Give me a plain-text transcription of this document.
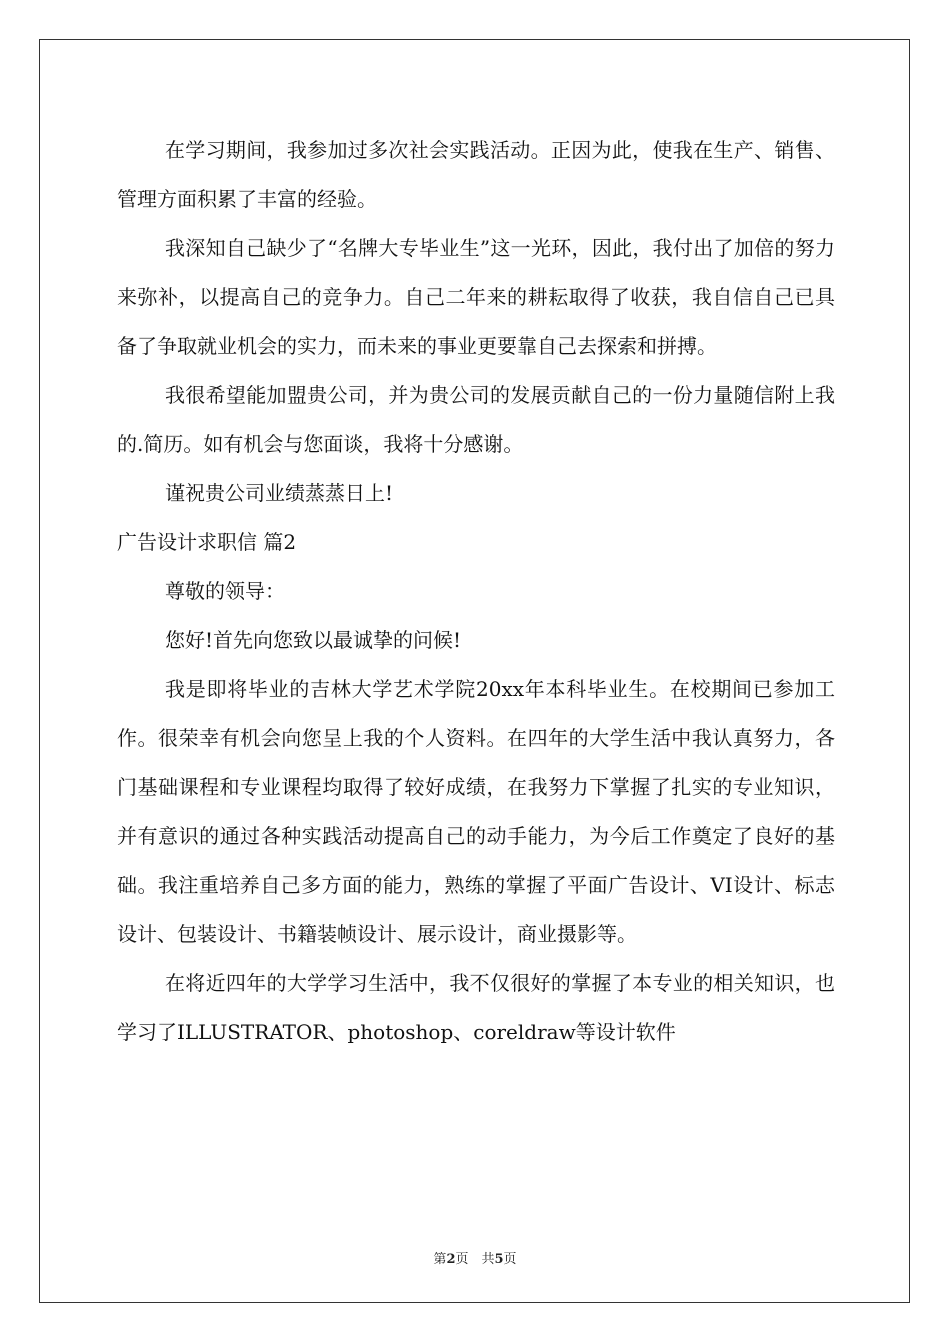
在学习期间，我参加过多次社会实践活动。正因为此，使我在生产、销售、管理方面积累了丰富的经验。

我深知自己缺少了“名牌大专毕业生”这一光环，因此，我付出了加倍的努力来弥补，以提高自己的竞争力。自己二年来的耕耘取得了收获，我自信自己已具备了争取就业机会的实力，而未来的事业更要靠自己去探索和拼搏。

我很希望能加盟贵公司，并为贵公司的发展贡献自己的一份力量随信附上我的.简历。如有机会与您面谈，我将十分感谢。

谨祝贵公司业绩蒸蒸日上!

广告设计求职信 篇2

尊敬的领导：

您好!首先向您致以最诚挚的问候!

我是即将毕业的吉林大学艺术学院20xx年本科毕业生。在校期间已参加工作。很荣幸有机会向您呈上我的个人资料。在四年的大学生活中我认真努力，各门基础课程和专业课程均取得了较好成绩，在我努力下掌握了扎实的专业知识，并有意识的通过各种实践活动提高自己的动手能力，为今后工作奠定了良好的基础。我注重培养自己多方面的能力，熟练的掌握了平面广告设计、VI设计、标志设计、包装设计、书籍装帧设计、展示设计，商业摄影等。

在将近四年的大学学习生活中，我不仅很好的掌握了本专业的相关知识，也学习了ILLUSTRATOR、photoshop、coreldraw等设计软件

第2页　共5页
